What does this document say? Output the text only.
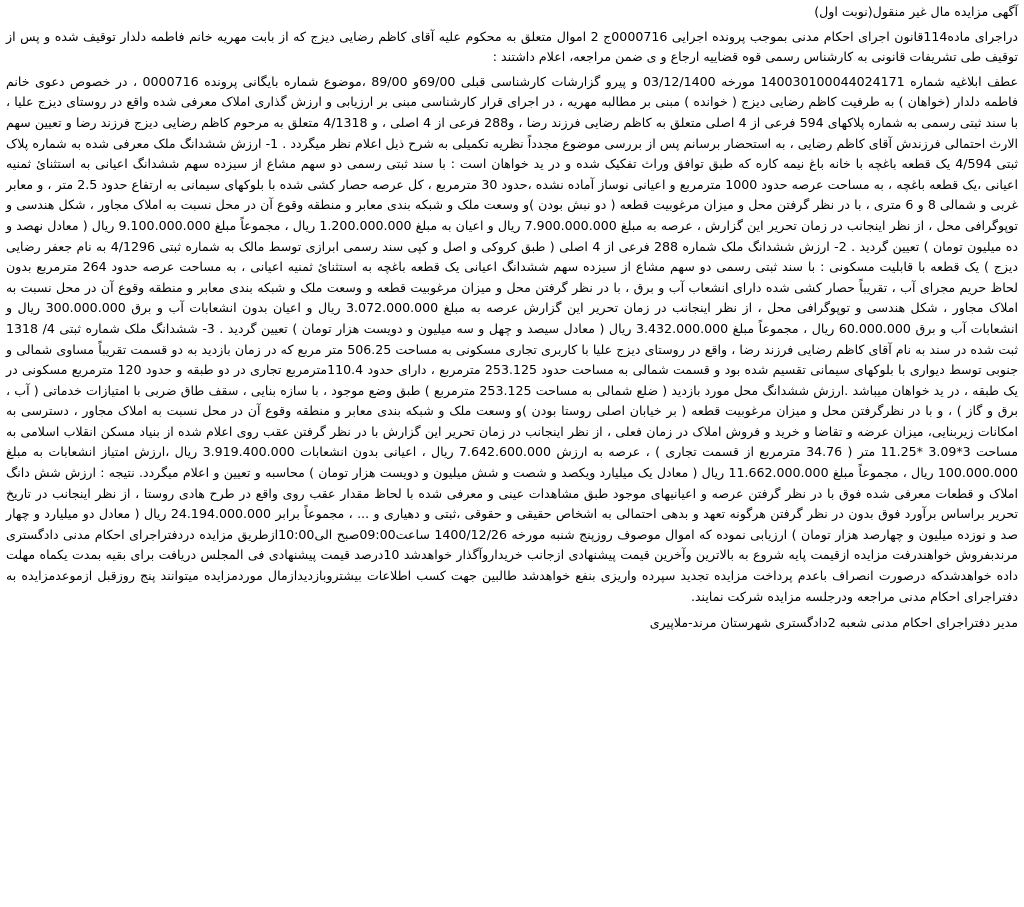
آگهی مزایده مال غیر منقول(نوبت اول)

دراجرای ماده114قانون اجرای احکام مدنی بموجب پرونده اجرایی 0000716ج 2 اموال متعلق به محکوم علیه آقای کاظم رضایی دیزج که از بابت مهریه خانم فاطمه دلدار توقیف شده و پس از توقیف طی تشریفات قانونی به کارشناس رسمی قوه قضاییه ارجاع و ی ضمن مراجعه، اعلام داشتند :

عطف ابلاغیه شماره 140030100044024171 مورخه 03/12/1400 و پیرو گزارشات کارشناسی قبلی 69/00و 89/00 ،موضوع شماره بایگانی پرونده 0000716 ، در خصوص دعوی خانم فاطمه دلدار (خواهان ) به طرفیت کاظم رضایی دیزج ( خوانده ) مبنی بر مطالبه مهریه ، در اجرای قرار کارشناسی مبنی بر ارزیابی و ارزش گذاری املاک معرفی شده واقع در روستای دیزج علیا ، با سند ثبتی رسمی به شماره پلاکهای 594 فرعی از 4 اصلی متعلق به کاظم رضایی فرزند رضا ، و288 فرعی از 4 اصلی ، و 4/1318 متعلق به مرحوم کاظم رضایی دیزج فرزند رضا و تعیین سهم الارث احتمالی فرزندش آقای کاظم رضایی ، به استحضار برسانم پس از بررسی موضوع مجدداً نظریه تکمیلی به شرح ذیل اعلام نظر میگردد . 1- ارزش ششدانگ ملک معرفی شده به شماره پلاک ثبتی 4/594 یک قطعه باغچه با خانه باغ نیمه کاره که طبق توافق وراث تفکیک شده و در ید خواهان است : با سند ثبتی رسمی دو سهم مشاع از سیزده سهم ششدانگ اعیانی به استثنائ ثمنیه اعیانی ،یک قطعه باغچه ، به مساحت عرصه حدود 1000 مترمربع و اعیانی نوساز آماده نشده ،حدود 30 مترمربع ، کل عرصه حصار کشی شده با بلوکهای سیمانی به ارتفاع حدود 2.5 متر ، و معابر غربی و شمالی 8 و 6 متری ، با در نظر گرفتن محل و میزان مرغوبیت قطعه ( دو نبش بودن )و وسعت ملک و شبکه بندی معابر و منطقه وقوع آن در محل نسبت به املاک مجاور ، شکل هندسی و توپوگرافی محل ، از نظر اینجانب در زمان تحریر این گزارش ، عرصه به مبلغ 7.900.000.000 ریال و اعیان به مبلغ 1.200.000.000 ریال ، مجموعاً مبلغ 9.100.000.000 ریال ( معادل نهصد و ده میلیون تومان ) تعیین گردید . 2- ارزش ششدانگ ملک شماره 288 فرعی از 4 اصلی ( طبق کروکی و اصل و کپی سند رسمی ابرازی توسط مالک به شماره ثبتی 4/1296 به نام جعفر رضایی دیزج ) یک قطعه با قابلیت مسکونی : با سند ثبتی رسمی دو سهم مشاع از سیزده سهم ششدانگ اعیانی یک قطعه باغچه به استثنائ ثمنیه اعیانی ، به مساحت عرصه حدود 264 مترمربع بدون لحاظ حریم مجرای آب ، تقریباً حصار کشی شده دارای انشعاب آب و برق ، با در نظر گرفتن محل و میزان مرغوبیت قطعه و وسعت ملک و شبکه بندی معابر و منطقه وقوع آن در محل نسبت به املاک مجاور ، شکل هندسی و توپوگرافی محل ، از نظر اینجانب در زمان تحریر این گزارش عرصه به مبلغ 3.072.000.000 ریال و اعیان بدون انشعابات آب و برق 300.000.000 ریال و انشعابات آب و برق 60.000.000 ریال ، مجموعاً مبلغ 3.432.000.000 ریال ( معادل سیصد و چهل و سه میلیون و دویست هزار تومان ) تعیین گردید . 3- ششدانگ ملک شماره ثبتی 4/ 1318 ثبت شده در سند به نام آقای کاظم رضایی فرزند رضا ، واقع در روستای دیزج علیا با کاربری تجاری مسکونی به مساحت 506.25 متر مربع که در زمان بازدید به دو قسمت تقریباً مساوی شمالی و جنوبی توسط دیواری با بلوکهای سیمانی تقسیم شده بود و قسمت شمالی به مساحت حدود 253.125 مترمربع ، دارای حدود 110.4مترمربع تجاری در دو طبقه و حدود 120 مترمربع مسکونی در یک طبقه ، در ید خواهان میباشد .ارزش ششدانگ محل مورد بازدید ( ضلع شمالی به مساحت 253.125 مترمربع ) طبق وضع موجود ، با سازه بنایی ، سقف طاق ضربی با امتیازات خدماتی ( آب ، برق و گاز ) ، و با در نظرگرفتن محل و میزان مرغوبیت قطعه ( بر خیابان اصلی روستا بودن )و وسعت ملک و شبکه بندی معابر و منطقه وقوع آن در محل نسبت به املاک مجاور ، دسترسی به امکانات زیربنایی، میزان عرضه و تقاضا و خرید و فروش املاک در زمان فعلی ، از نظر اینجانب در زمان تحریر این گزارش با در نظر گرفتن عقب روی اعلام شده از بنیاد مسکن انقلاب اسلامی به مساحت 3*3.09 *11.25 متر ( 34.76 مترمربع از قسمت تجاری ) ، عرصه به ارزش 7.642.600.000 ریال ، اعیانی بدون انشعابات 3.919.400.000 ریال ،ارزش امتیاز انشعابات به مبلغ 100.000.000 ریال ، مجموعاً مبلغ 11.662.000.000 ریال ( معادل یک میلیارد ویکصد و شصت و شش میلیون و دویست هزار تومان ) محاسبه و تعیین و اعلام میگردد. نتیجه : ارزش شش دانگ املاک و قطعات معرفی شده فوق با در نظر گرفتن عرصه و اعیانیهای موجود طبق مشاهدات عینی و معرفی شده با لحاظ مقدار عقب روی واقع در طرح هادی روستا ، از نظر اینجانب در تاریخ تحریر براساس برآورد فوق بدون در نظر گرفتن هرگونه تعهد و بدهی احتمالی به اشخاص حقیقی و حقوقی ،ثبتی و دهیاری و ... ، مجموعاً برابر 24.194.000.000 ریال ( معادل دو میلیارد و چهار صد و نوزده میلیون و چهارصد هزار تومان ) ارزیابی نموده که اموال موصوف روزپنج شنبه مورخه 1400/12/26 ساعت09:00صبح الی10:00ازطریق مزایده دردفتراجرای احکام مدنی دادگستری مرندبفروش خواهندرفت مزایده ازقیمت پایه شروع به بالاترین وآخرین قیمت پیشنهادی ازجانب خریداروآگذار خواهدشد 10درصد قیمت پیشنهادی فی المجلس دریافت برای بقیه بمدت یکماه مهلت داده خواهدشدکه درصورت انصراف باعدم پرداخت مزایده تجدید سپرده واریزی بنفع خواهدشد طالبین جهت کسب اطلاعات بیشتروبازدیدازمال موردمزایده میتوانند پنج روزقبل ازموعدمزایده به دفتراجرای احکام مدنی مراجعه ودرجلسه مزایده شرکت نمایند.

مدیر دفتراجرای احکام مدنی شعبه 2دادگستری شهرستان مرند-ملاپیری
